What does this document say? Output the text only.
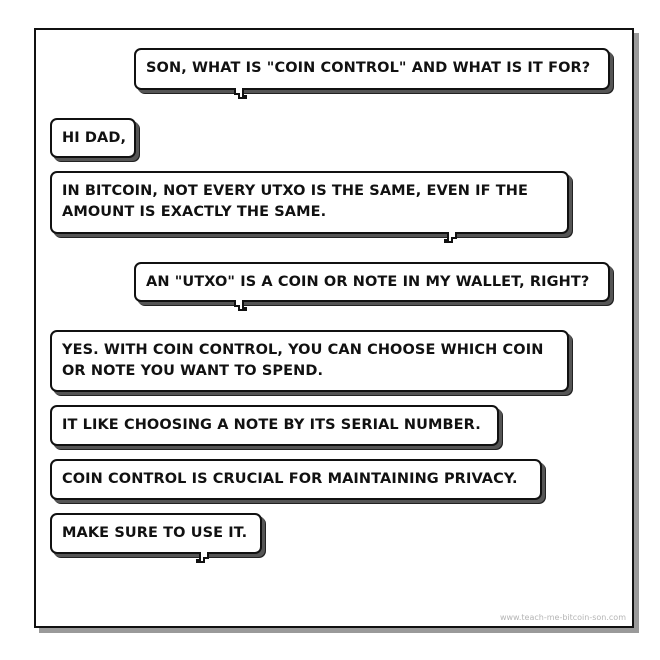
SON, WHAT IS "COIN CONTROL" AND WHAT IS IT FOR?
HI DAD,
IN BITCOIN, NOT EVERY UTXO IS THE SAME, EVEN IF THE
AMOUNT IS EXACTLY THE SAME.
AN "UTXO" IS A COIN OR NOTE IN MY WALLET, RIGHT?
YES. WITH COIN CONTROL, YOU CAN CHOOSE WHICH COIN
OR NOTE YOU WANT TO SPEND.
IT LIKE CHOOSING A NOTE BY ITS SERIAL NUMBER.
COIN CONTROL IS CRUCIAL FOR MAINTAINING PRIVACY.
MAKE SURE TO USE IT.
www.teach-me-bitcoin-son.com
